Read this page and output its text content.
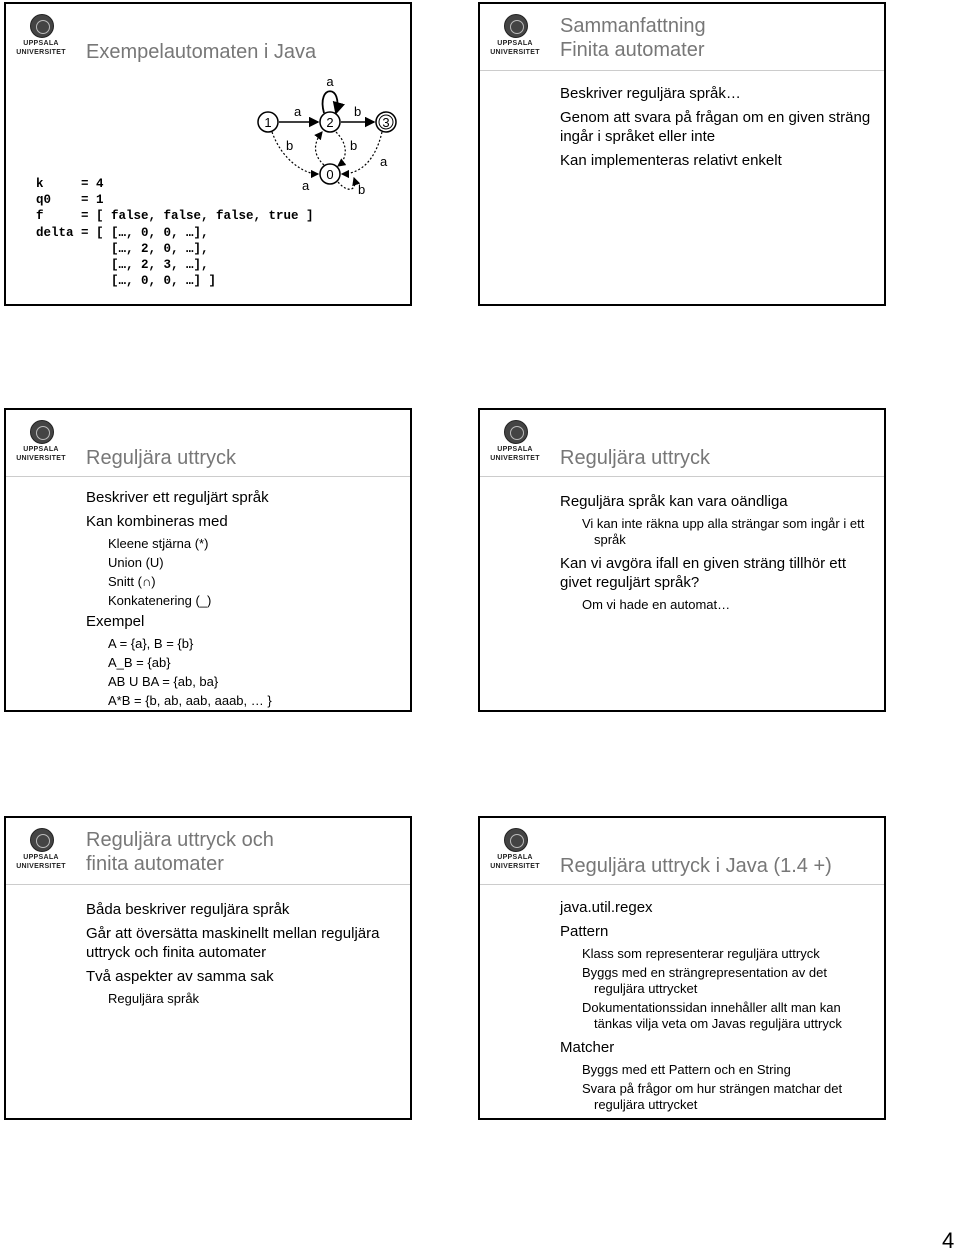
UPPSALA
UNIVERSITET Exempelautomaten i Java
1	2	3
0
a
a	b
b	b
a
a	b
k     = 4
q0    = 1
f     = [ false, false, false, true ]
delta = [ […, 0, 0, …],
[…, 2, 0, …],
[…, 2, 3, …],
[…, 0, 0, …] ]
UPPSALA
UNIVERSITET
Sammanfattning
Finita automater
Beskriver reguljära språk…
Genom att svara på frågan om en given sträng ingår i språket eller inte
Kan implementeras relativt enkelt
UPPSALA
UNIVERSITET Reguljära uttryck
Beskriver ett reguljärt språk
Kan kombineras med
Kleene stjärna (*)
Union (U)
Snitt (∩)
Konkatenering (_)
Exempel
A = {a}, B = {b}
A_B = {ab}
AB U BA = {ab, ba}
A*B = {b, ab, aab, aaab, … }
UPPSALA
UNIVERSITET Reguljära uttryck
Reguljära språk kan vara oändliga
Vi kan inte räkna upp alla strängar som ingår i ett språk
Kan vi avgöra ifall en given sträng tillhör ett givet reguljärt språk?
Om vi hade en automat…
UPPSALA
UNIVERSITET
Reguljära uttryck och
finita automater
Båda beskriver reguljära språk
Går att översätta maskinellt mellan reguljära uttryck och finita automater
Två aspekter av samma sak
Reguljära språk
UPPSALA
UNIVERSITET Reguljära uttryck i Java (1.4 +)
java.util.regex
Pattern
Klass som representerar reguljära uttryck
Byggs med en strängrepresentation av det reguljära uttrycket
Dokumentationssidan innehåller allt man kan tänkas vilja veta om Javas reguljära uttryck
Matcher
Byggs med ett Pattern och en String
Svara på frågor om hur strängen matchar det reguljära uttrycket
4
